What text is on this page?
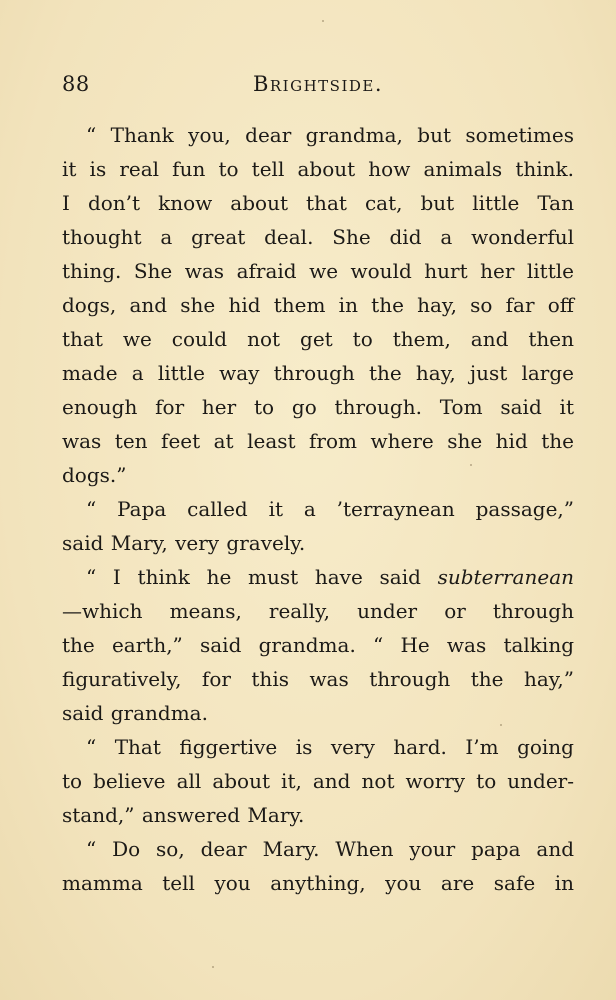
88	Brightside.
“ Thank you, dear grandma, but sometimes
it is real fun to tell about how animals think.
I don’t know about that cat, but little Tan
thought a great deal. She did a wonderful
thing. She was afraid we would hurt her little
dogs, and she hid them in the hay, so far off
that we could not get to them, and then
made a little way through the hay, just large
enough for her to go through. Tom said it
was ten feet at least from where she hid the
dogs.”
“ Papa called it a ’terraynean passage,”
said Mary, very gravely.
“ I think he must have said subterranean
—which means, really, under or through
the earth,” said grandma. “ He was talking
figuratively, for this was through the hay,”
said grandma.
“ That figgertive is very hard. I’m going
to believe all about it, and not worry to under-
stand,” answered Mary.
“ Do so, dear Mary. When your papa and
mamma tell you anything, you are safe in
